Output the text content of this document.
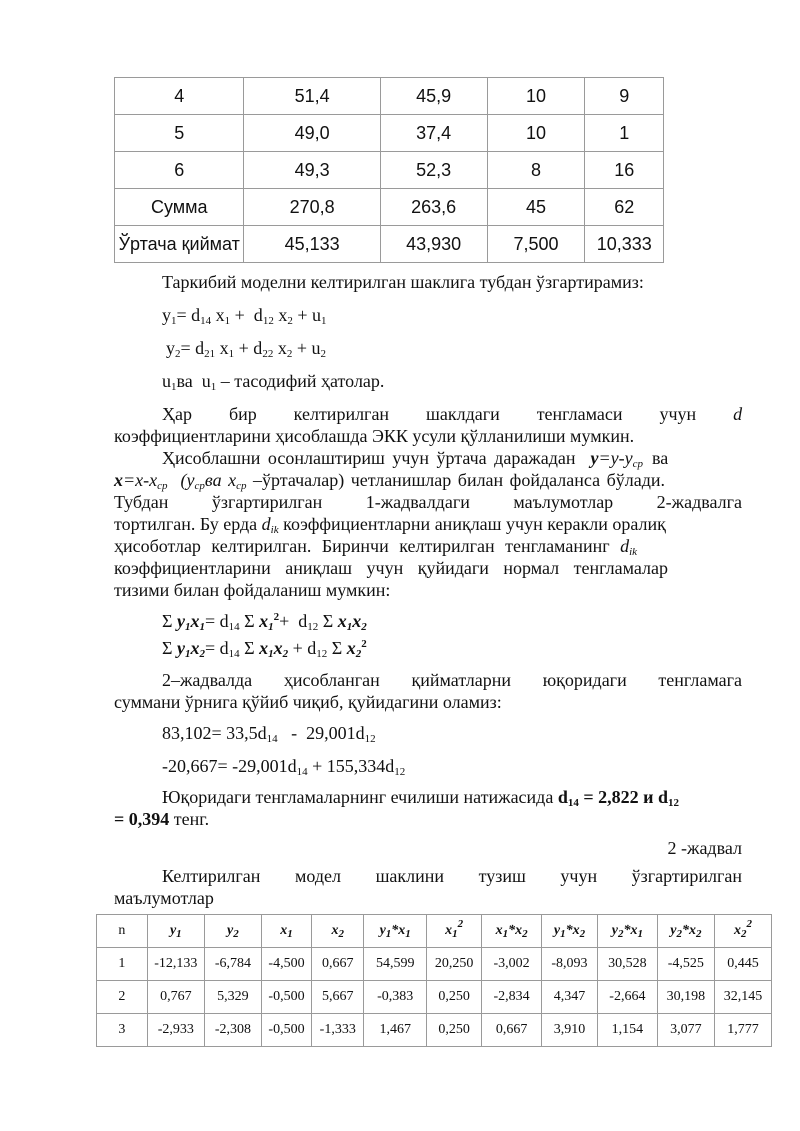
4	51,4	45,9	10	9
5	49,0	37,4	10	1
6	49,3	52,3	8	16
Сумма	270,8	263,6	45	62
Ўртача қиймат	45,133	43,930	7,500	10,333
Таркибий моделни келтирилган шаклига тубдан ўзгартирамиз:
$y_1= d_{14}$ $x_1 + d_{12}$ $x_2 + u_1$
$y_2= d_{21}$ $x_1 + d_{22}$ $x_2 + u_2$
$u_1ва$  $u_1$ – тасодифий ҳатолар.
Ҳар бир келтирилган шаклдаги тенгламаси учун d
коэффициентларини ҳисоблашда ЭКК усули қўлланилиши мумкин.
Ҳисоблашни осонлаштириш учун ўртача даражадан  $y=y-y_{ср}$  ва
$x=x-x_{ср}$  ($y_{ср}ва$ $x_{ср}$ –ўртачалар) четланишлар билан фойдаланса бўлади.
Тубдан ўзгартирилган 1-жадвалдаги маълумотлар 2-жадвалга
тортилган. Бу ерда $d_{ik}$ коэффициентларни аниқлаш учун керакли оралиқ
ҳисоботлар келтирилган. Биринчи келтирилган тенгламанинг $d_{ik}$
коэффициентларини аниқлаш учун қуйидаги нормал тенгламалар
тизими билан фойдаланиш мумкин:
Σ $y_1x_1= d_{14}$ Σ $x_1^2+ d_{12}$ Σ $x_1x_2$
Σ $y_1x_2= d_{14}$ Σ $x_1x_2 + d_{12}$ Σ $x_2^2$
2–жадвалда ҳисобланган қийматларни юқоридаги тенгламага
суммани ўрнига қўйиб чиқиб, қуйидагини оламиз:
$83,102= 33,5d_{14} - 29,001d_{12}$
$-20,667= -29,001d_{14} + 155,334d_{12}$
Юқоридаги тенгламаларнинг ечилиши натижасида $d_{14} = 2,822$ и $d_{12}$
= 0,394 тенг.
2 -жадвал
Келтирилган модел шаклини тузиш учун ўзгартирилган
маълумотлар
n	$y_1$	$y_2$	$x_1$	$x_2$	$y_1*x_1$	$x_1^2$	$x_1*x_2$	$y_1*x_2$	$y_2*x_1$	$y_2*x_2$	$x_2^2$
1	-12,133	-6,784	-4,500	0,667	54,599	20,250	-3,002	-8,093	30,528	-4,525	0,445
2	0,767	5,329	-0,500	5,667	-0,383	0,250	-2,834	4,347	-2,664	30,198	32,145
3	-2,933	-2,308	-0,500	-1,333	1,467	0,250	0,667	3,910	1,154	3,077	1,777
